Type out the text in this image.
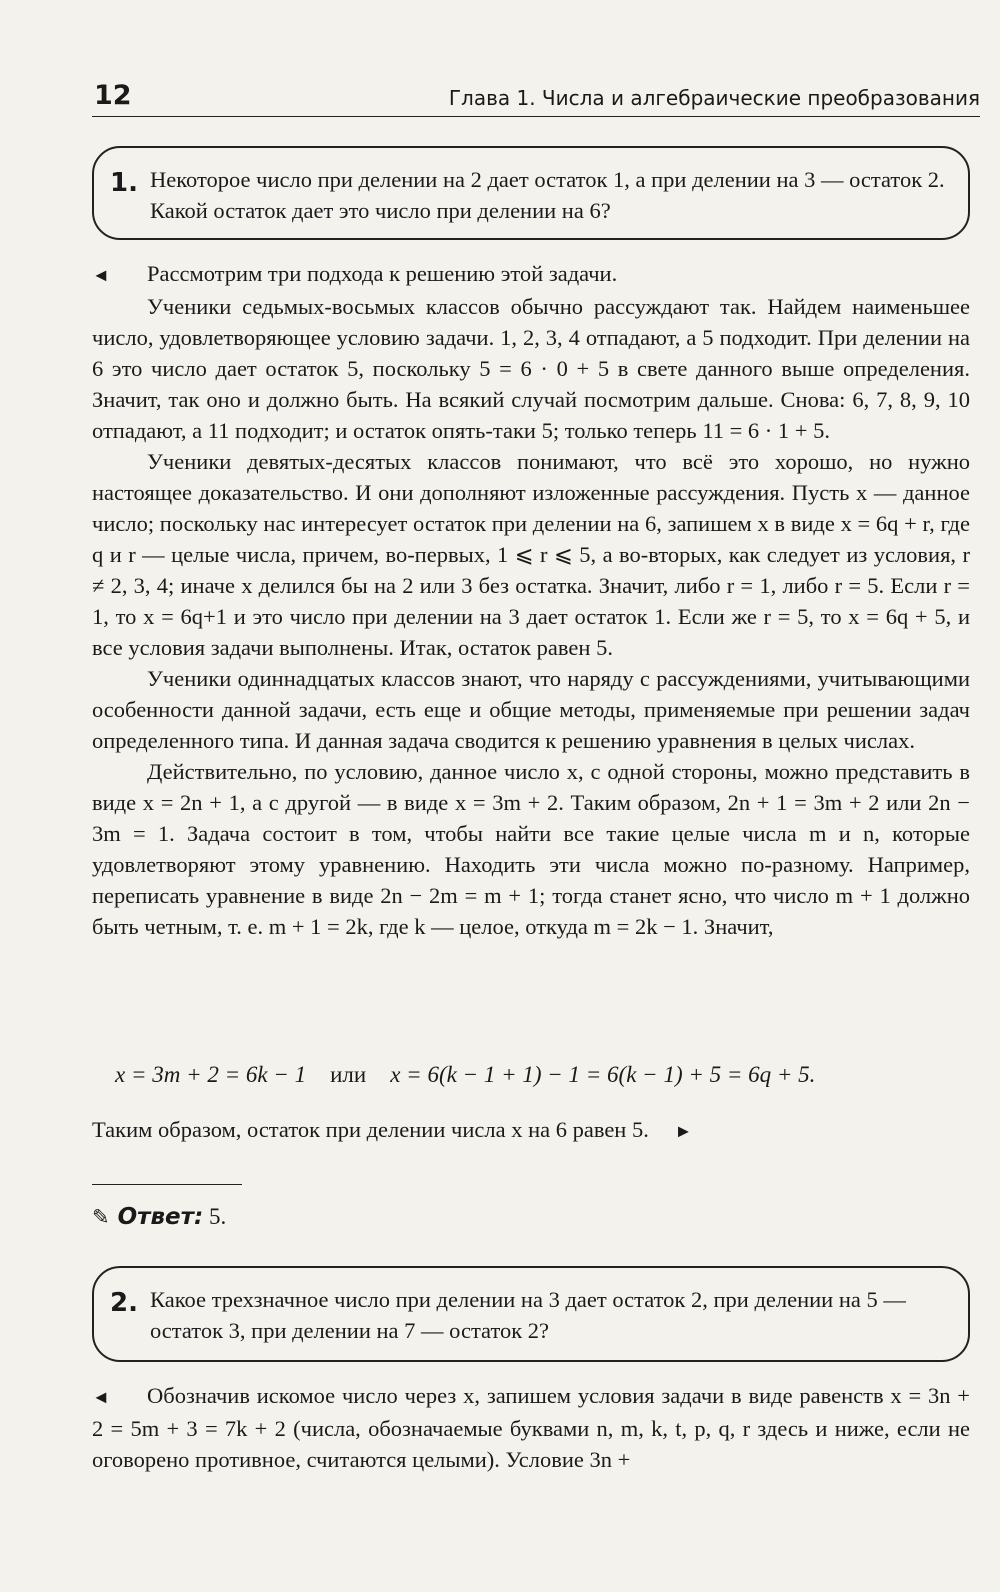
12	Глава 1. Числа и алгебраические преобразования
1. Некоторое число при делении на 2 дает остаток 1, а при делении на 3 — остаток 2. Какой остаток дает это число при делении на 6?

◄ Рассмотрим три подхода к решению этой задачи.

Ученики седьмых-восьмых классов обычно рассуждают так. Найдем наименьшее число, удовлетворяющее условию задачи. 1, 2, 3, 4 отпадают, а 5 подходит. При делении на 6 это число дает остаток 5, поскольку 5 = 6 · 0 + 5 в свете данного выше определения. Значит, так оно и должно быть. На всякий случай посмотрим дальше. Снова: 6, 7, 8, 9, 10 отпадают, а 11 подходит; и остаток опять-таки 5; только теперь 11 = 6 · 1 + 5.

Ученики девятых-десятых классов понимают, что всё это хорошо, но нужно настоящее доказательство. И они дополняют изложенные рассуждения. Пусть x — данное число; поскольку нас интересует остаток при делении на 6, запишем x в виде x = 6q + r, где q и r — целые числа, причем, во-первых, 1 ⩽ r ⩽ 5, а во-вторых, как следует из условия, r ≠ 2, 3, 4; иначе x делился бы на 2 или 3 без остатка. Значит, либо r = 1, либо r = 5. Если r = 1, то x = 6q+1 и это число при делении на 3 дает остаток 1. Если же r = 5, то x = 6q + 5, и все условия задачи выполнены. Итак, остаток равен 5.

Ученики одиннадцатых классов знают, что наряду с рассуждениями, учитывающими особенности данной задачи, есть еще и общие методы, применяемые при решении задач определенного типа. И данная задача сводится к решению уравнения в целых числах.

Действительно, по условию, данное число x, с одной стороны, можно представить в виде x = 2n + 1, а с другой — в виде x = 3m + 2. Таким образом, 2n + 1 = 3m + 2 или 2n − 3m = 1. Задача состоит в том, чтобы найти все такие целые числа m и n, которые удовлетворяют этому уравнению. Находить эти числа можно по-разному. Например, переписать уравнение в виде 2n − 2m = m + 1; тогда станет ясно, что число m + 1 должно быть четным, т. е. m + 1 = 2k, где k — целое, откуда m = 2k − 1. Значит,

x = 3m + 2 = 6k − 1 или x = 6(k − 1 + 1) − 1 = 6(k − 1) + 5 = 6q + 5.
Таким образом, остаток при делении числа x на 6 равен 5. ►
✎ Ответ: 5.
2. Какое трехзначное число при делении на 3 дает остаток 2, при делении на 5 — остаток 3, при делении на 7 — остаток 2?

◄ Обозначив искомое число через x, запишем условия задачи в виде равенств x = 3n + 2 = 5m + 3 = 7k + 2 (числа, обозначаемые буквами n, m, k, t, p, q, r здесь и ниже, если не оговорено противное, считаются целыми). Условие 3n +
